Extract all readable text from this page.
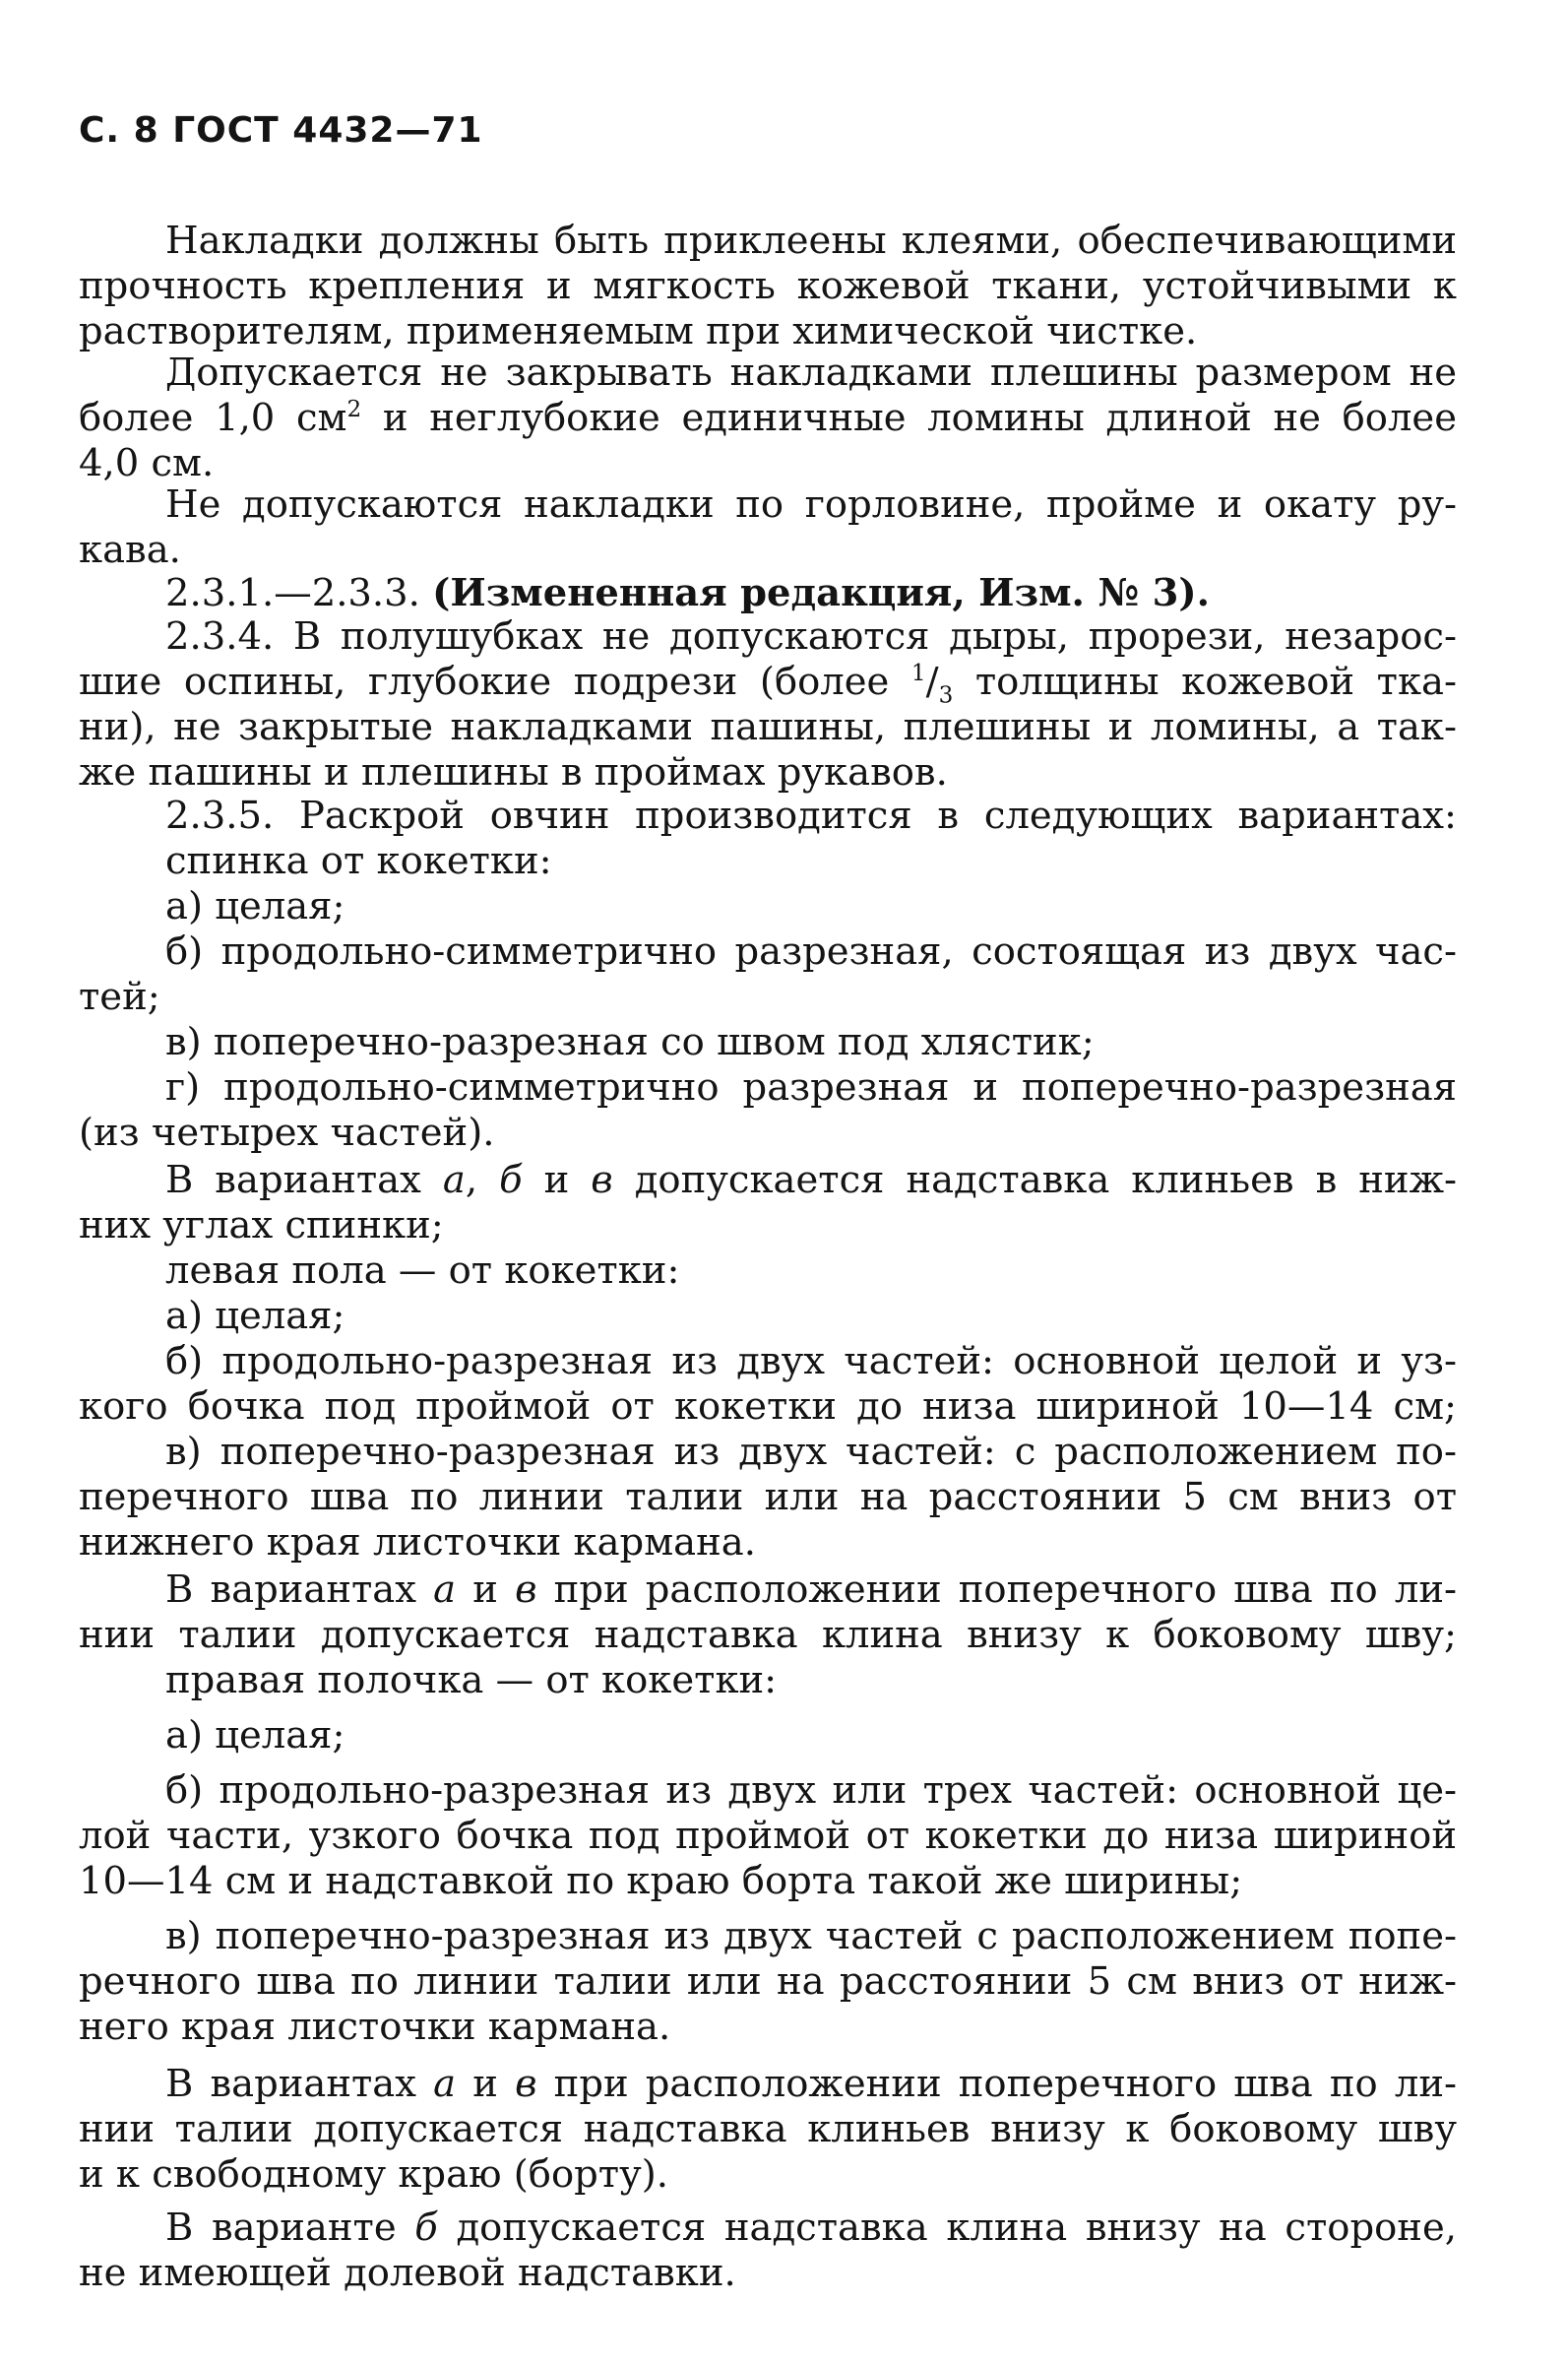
С. 8 ГОСТ 4432—71
Накладки должны быть приклеены клеями, обеспечивающими
прочность крепления и мягкость кожевой ткани, устойчивыми к
растворителям, применяемым при химической чистке.
Допускается не закрывать накладками плешины размером не
более 1,0 $см^2$ и неглубокие единичные ломины длиной не более
4,0 см.
Не допускаются накладки по горловине, пройме и окату ру-
кава.
2.3.1.—2.3.3. (Измененная редакция, Изм. № 3).
2.3.4. В полушубках не допускаются дыры, прорези, незарос-
шие оспины, глубокие подрези (более $^1/_3$ толщины кожевой тка-
ни), не закрытые накладками пашины, плешины и ломины, а так-
же пашины и плешины в проймах рукавов.
2.3.5. Раскрой овчин производится в следующих вариантах:
спинка от кокетки:
а) целая;
б) продольно-симметрично разрезная, состоящая из двух час-
тей;
в) поперечно-разрезная со швом под хлястик;
г) продольно-симметрично разрезная и поперечно-разрезная
(из четырех частей).
В вариантах а, б и в допускается надставка клиньев в ниж-
них углах спинки;
левая пола — от кокетки:
а) целая;
б) продольно-разрезная из двух частей: основной целой и уз-
кого бочка под проймой от кокетки до низа шириной 10—14 см;
в) поперечно-разрезная из двух частей: с расположением по-
перечного шва по линии талии или на расстоянии 5 см вниз от
нижнего края листочки кармана.
В вариантах а и в при расположении поперечного шва по ли-
нии талии допускается надставка клина внизу к боковому шву;
правая полочка — от кокетки:
а) целая;
б) продольно-разрезная из двух или трех частей: основной це-
лой части, узкого бочка под проймой от кокетки до низа шириной
10—14 см и надставкой по краю борта такой же ширины;
в) поперечно-разрезная из двух частей с расположением попе-
речного шва по линии талии или на расстоянии 5 см вниз от ниж-
него края листочки кармана.
В вариантах а и в при расположении поперечного шва по ли-
нии талии допускается надставка клиньев внизу к боковому шву
и к свободному краю (борту).
В варианте б допускается надставка клина внизу на стороне,
не имеющей долевой надставки.
